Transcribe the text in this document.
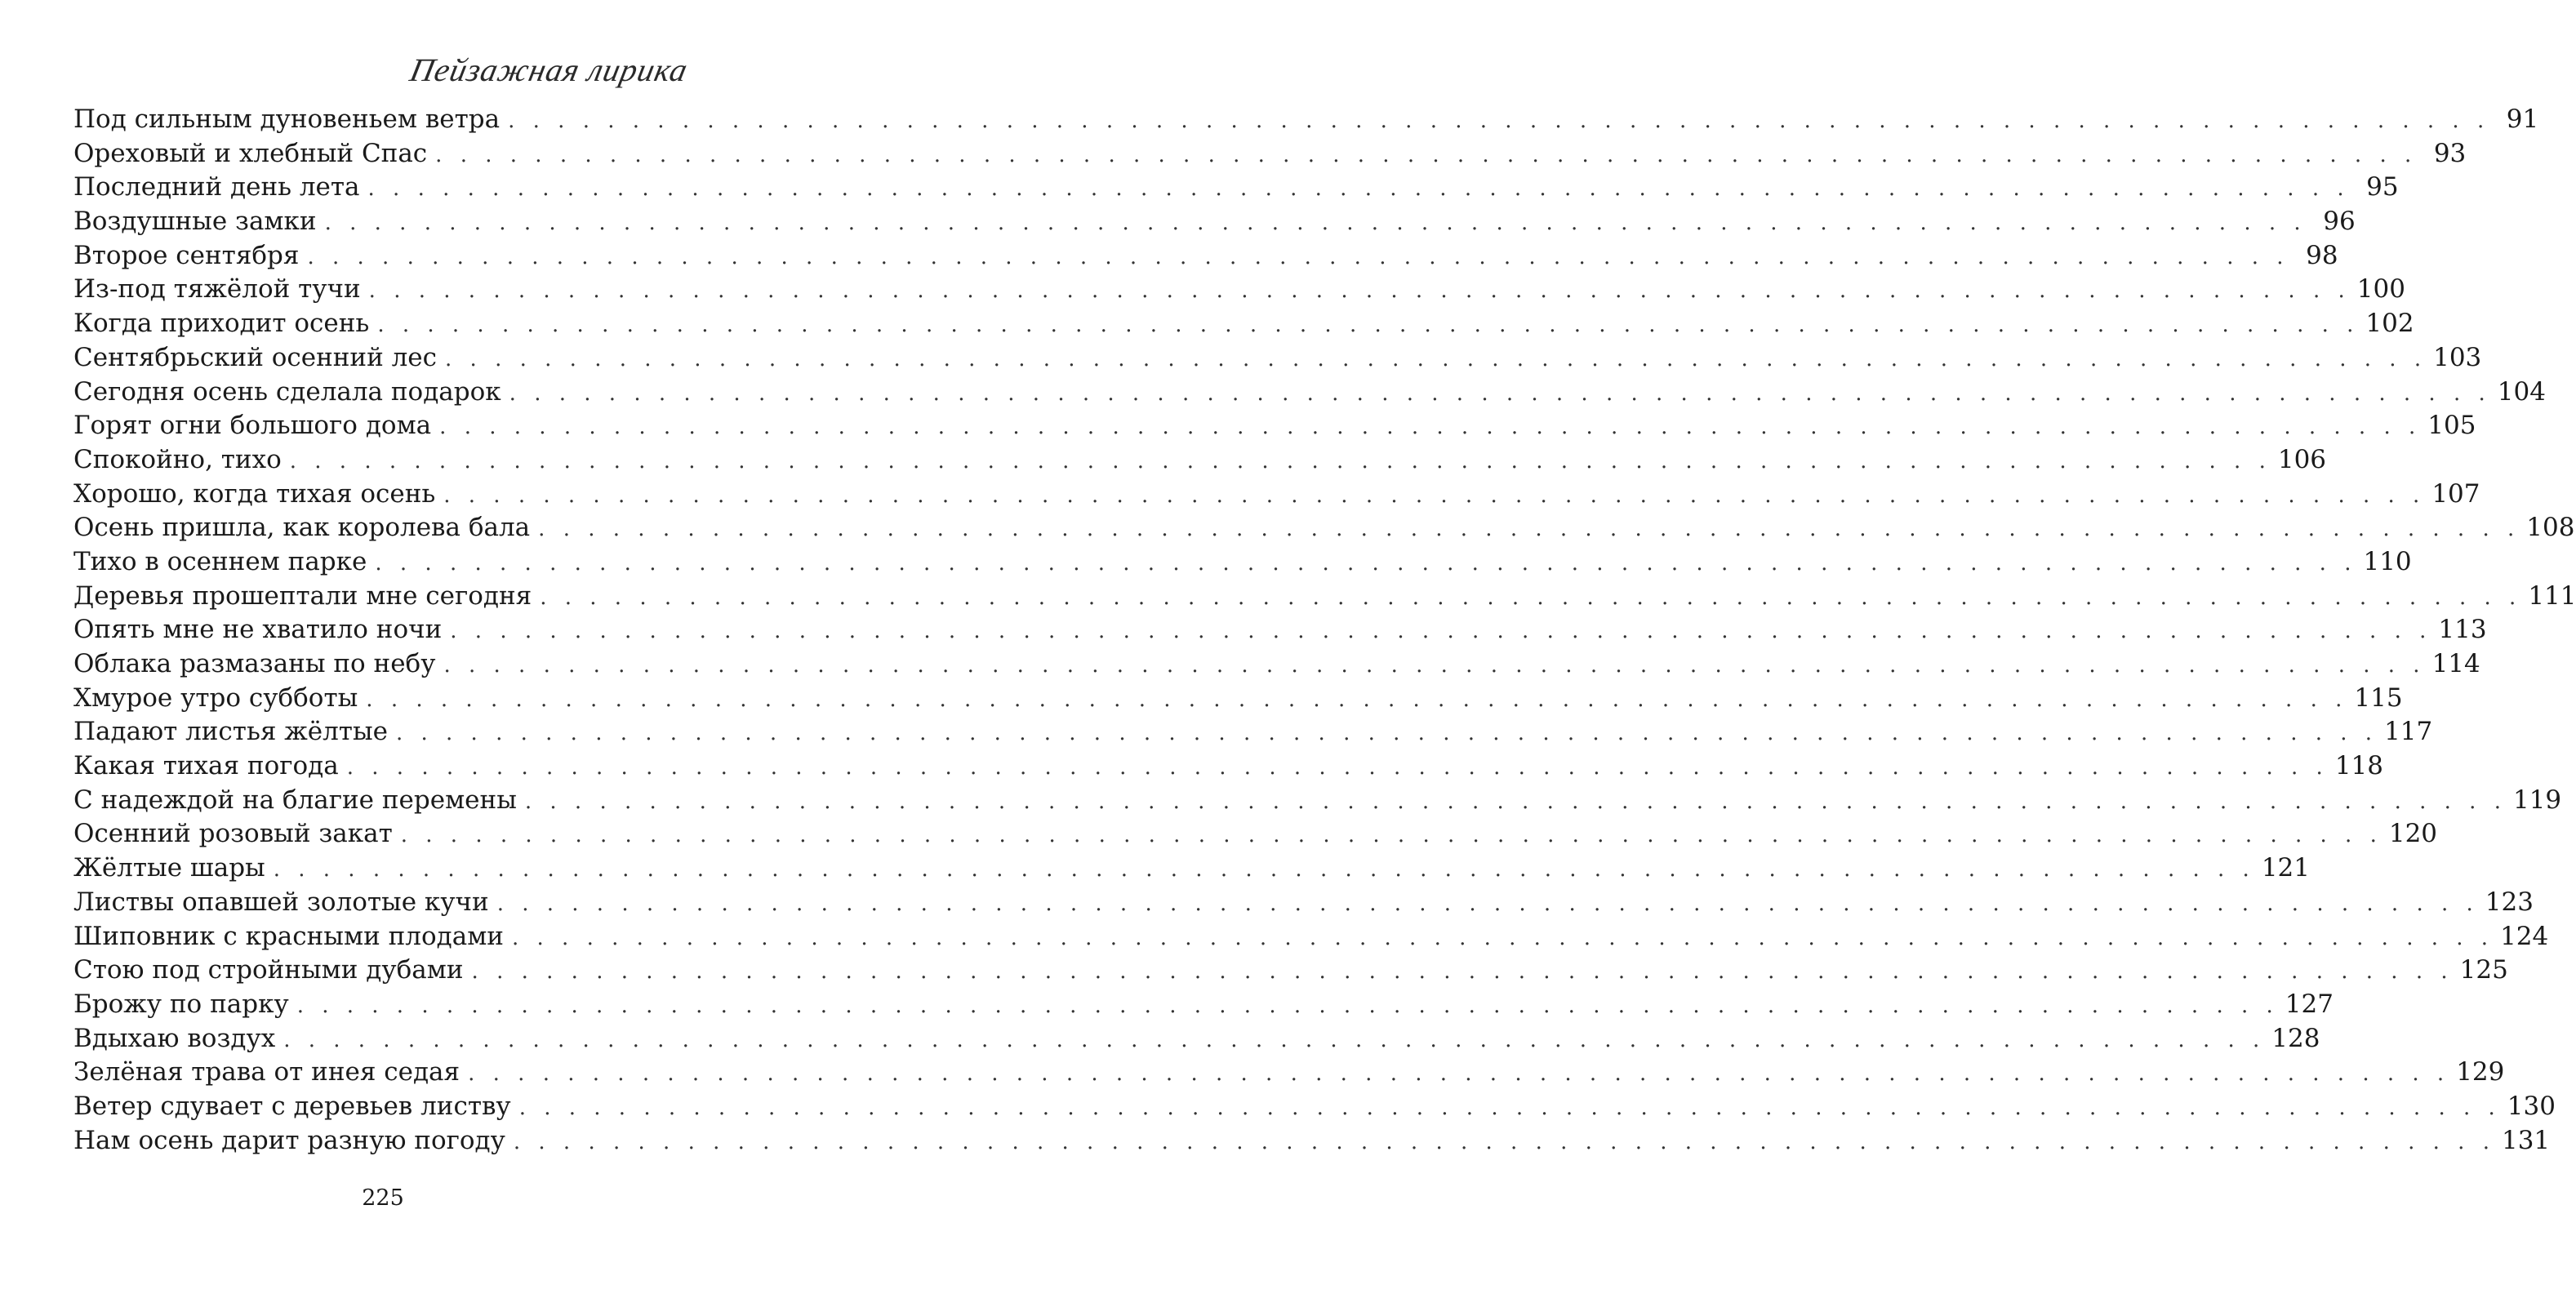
Пейзажная лирика
Под сильным дуновеньем ветра . . . . . . . . . . . . . . . . . . . . . . . . . . . . . . . . . . . . . . . . . . . . . . . . . . . . . . . . . . . . . . . . . . . . . . . . . . . . . . . . 91
Ореховый и хлебный Спас . . . . . . . . . . . . . . . . . . . . . . . . . . . . . . . . . . . . . . . . . . . . . . . . . . . . . . . . . . . . . . . . . . . . . . . . . . . . . . . . 93
Последний день лета . . . . . . . . . . . . . . . . . . . . . . . . . . . . . . . . . . . . . . . . . . . . . . . . . . . . . . . . . . . . . . . . . . . . . . . . . . . . . . . . 95
Воздушные замки . . . . . . . . . . . . . . . . . . . . . . . . . . . . . . . . . . . . . . . . . . . . . . . . . . . . . . . . . . . . . . . . . . . . . . . . . . . . . . . . 96
Второе сентября . . . . . . . . . . . . . . . . . . . . . . . . . . . . . . . . . . . . . . . . . . . . . . . . . . . . . . . . . . . . . . . . . . . . . . . . . . . . . . . . 98
Из-под тяжёлой тучи . . . . . . . . . . . . . . . . . . . . . . . . . . . . . . . . . . . . . . . . . . . . . . . . . . . . . . . . . . . . . . . . . . . . . . . . . . . . . . . . 100
Когда приходит осень . . . . . . . . . . . . . . . . . . . . . . . . . . . . . . . . . . . . . . . . . . . . . . . . . . . . . . . . . . . . . . . . . . . . . . . . . . . . . . . . 102
Сентябрьский осенний лес . . . . . . . . . . . . . . . . . . . . . . . . . . . . . . . . . . . . . . . . . . . . . . . . . . . . . . . . . . . . . . . . . . . . . . . . . . . . . . . . 103
Сегодня осень сделала подарок . . . . . . . . . . . . . . . . . . . . . . . . . . . . . . . . . . . . . . . . . . . . . . . . . . . . . . . . . . . . . . . . . . . . . . . . . . . . . . . . 104
Горят огни большого дома . . . . . . . . . . . . . . . . . . . . . . . . . . . . . . . . . . . . . . . . . . . . . . . . . . . . . . . . . . . . . . . . . . . . . . . . . . . . . . . . 105
Спокойно, тихо . . . . . . . . . . . . . . . . . . . . . . . . . . . . . . . . . . . . . . . . . . . . . . . . . . . . . . . . . . . . . . . . . . . . . . . . . . . . . . . . 106
Хорошо, когда тихая осень . . . . . . . . . . . . . . . . . . . . . . . . . . . . . . . . . . . . . . . . . . . . . . . . . . . . . . . . . . . . . . . . . . . . . . . . . . . . . . . . 107
Осень пришла, как королева бала . . . . . . . . . . . . . . . . . . . . . . . . . . . . . . . . . . . . . . . . . . . . . . . . . . . . . . . . . . . . . . . . . . . . . . . . . . . . . . . . 108
Тихо в осеннем парке . . . . . . . . . . . . . . . . . . . . . . . . . . . . . . . . . . . . . . . . . . . . . . . . . . . . . . . . . . . . . . . . . . . . . . . . . . . . . . . . 110
Деревья прошептали мне сегодня . . . . . . . . . . . . . . . . . . . . . . . . . . . . . . . . . . . . . . . . . . . . . . . . . . . . . . . . . . . . . . . . . . . . . . . . . . . . . . . . 111
Опять мне не хватило ночи . . . . . . . . . . . . . . . . . . . . . . . . . . . . . . . . . . . . . . . . . . . . . . . . . . . . . . . . . . . . . . . . . . . . . . . . . . . . . . . . 113
Облака размазаны по небу . . . . . . . . . . . . . . . . . . . . . . . . . . . . . . . . . . . . . . . . . . . . . . . . . . . . . . . . . . . . . . . . . . . . . . . . . . . . . . . . 114
Хмурое утро субботы . . . . . . . . . . . . . . . . . . . . . . . . . . . . . . . . . . . . . . . . . . . . . . . . . . . . . . . . . . . . . . . . . . . . . . . . . . . . . . . . 115
Падают листья жёлтые . . . . . . . . . . . . . . . . . . . . . . . . . . . . . . . . . . . . . . . . . . . . . . . . . . . . . . . . . . . . . . . . . . . . . . . . . . . . . . . . 117
Какая тихая погода . . . . . . . . . . . . . . . . . . . . . . . . . . . . . . . . . . . . . . . . . . . . . . . . . . . . . . . . . . . . . . . . . . . . . . . . . . . . . . . . 118
С надеждой на благие перемены . . . . . . . . . . . . . . . . . . . . . . . . . . . . . . . . . . . . . . . . . . . . . . . . . . . . . . . . . . . . . . . . . . . . . . . . . . . . . . . . 119
Осенний розовый закат . . . . . . . . . . . . . . . . . . . . . . . . . . . . . . . . . . . . . . . . . . . . . . . . . . . . . . . . . . . . . . . . . . . . . . . . . . . . . . . . 120
Жёлтые шары . . . . . . . . . . . . . . . . . . . . . . . . . . . . . . . . . . . . . . . . . . . . . . . . . . . . . . . . . . . . . . . . . . . . . . . . . . . . . . . . 121
Листвы опавшей золотые кучи . . . . . . . . . . . . . . . . . . . . . . . . . . . . . . . . . . . . . . . . . . . . . . . . . . . . . . . . . . . . . . . . . . . . . . . . . . . . . . . . 123
Шиповник с красными плодами . . . . . . . . . . . . . . . . . . . . . . . . . . . . . . . . . . . . . . . . . . . . . . . . . . . . . . . . . . . . . . . . . . . . . . . . . . . . . . . . 124
Стою под стройными дубами . . . . . . . . . . . . . . . . . . . . . . . . . . . . . . . . . . . . . . . . . . . . . . . . . . . . . . . . . . . . . . . . . . . . . . . . . . . . . . . . 125
Брожу по парку . . . . . . . . . . . . . . . . . . . . . . . . . . . . . . . . . . . . . . . . . . . . . . . . . . . . . . . . . . . . . . . . . . . . . . . . . . . . . . . . 127
Вдыхаю воздух . . . . . . . . . . . . . . . . . . . . . . . . . . . . . . . . . . . . . . . . . . . . . . . . . . . . . . . . . . . . . . . . . . . . . . . . . . . . . . . . 128
Зелёная трава от инея седая . . . . . . . . . . . . . . . . . . . . . . . . . . . . . . . . . . . . . . . . . . . . . . . . . . . . . . . . . . . . . . . . . . . . . . . . . . . . . . . . 129
Ветер сдувает с деревьев листву . . . . . . . . . . . . . . . . . . . . . . . . . . . . . . . . . . . . . . . . . . . . . . . . . . . . . . . . . . . . . . . . . . . . . . . . . . . . . . . . 130
Нам осень дарит разную погоду . . . . . . . . . . . . . . . . . . . . . . . . . . . . . . . . . . . . . . . . . . . . . . . . . . . . . . . . . . . . . . . . . . . . . . . . . . . . . . . . 131
225
